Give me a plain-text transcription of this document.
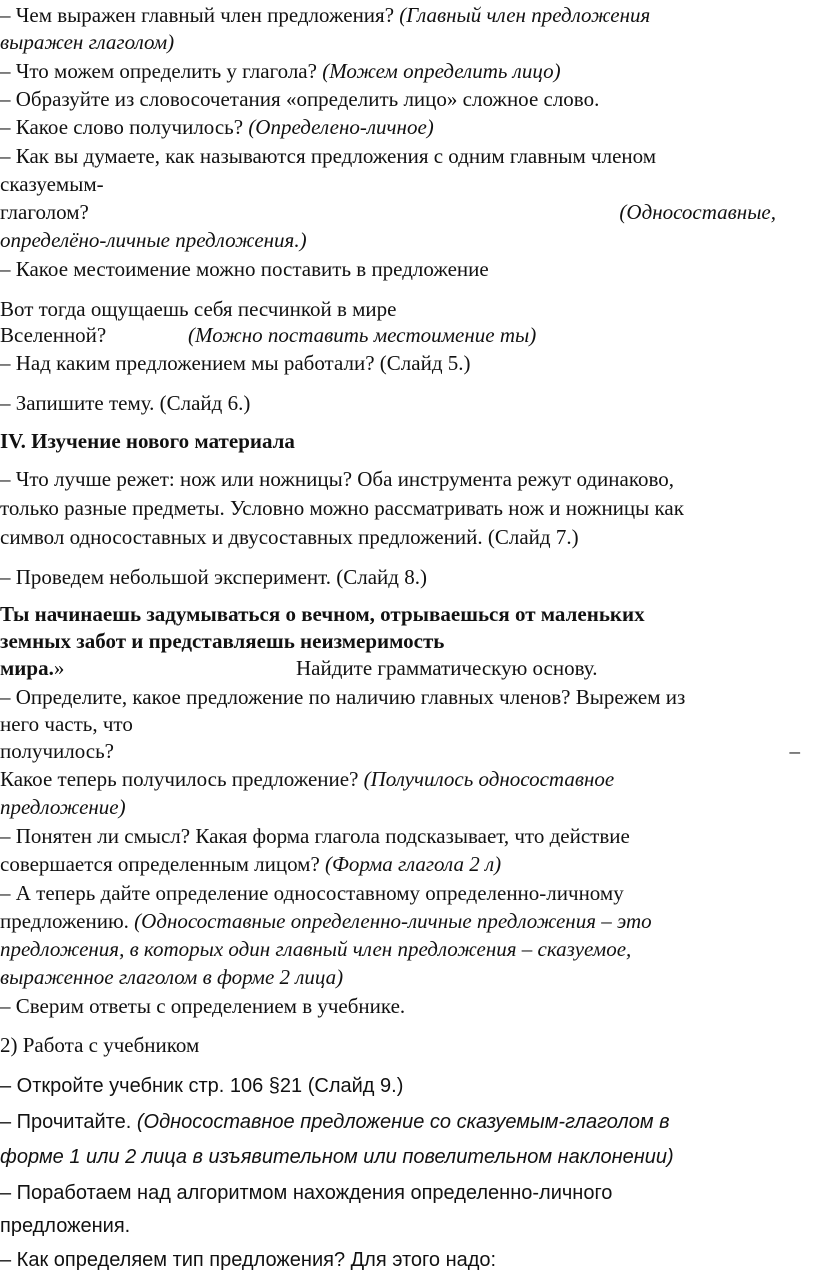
– Чем выражен главный член предложения? (Главный член предложения
выражен глаголом)
– Что можем определить у глагола? (Можем определить лицо)
– Образуйте из словосочетания «определить лицо» сложное слово.
– Какое слово получилось? (Определено-личное)
– Как вы думаете, как называются предложения с одним главным членом
сказуемым-
глаголом?	(Односоставные,
определёно-личные предложения.)
– Какое местоимение можно поставить в предложение
Вот тогда ощущаешь себя песчинкой в мире
Вселенной?	(Можно поставить местоимение ты)
– Над каким предложением мы работали? (Слайд 5.)
– Запишите тему. (Слайд 6.)
IV. Изучение нового материала
– Что лучше режет: нож или ножницы? Оба инструмента режут одинаково,
только разные предметы. Условно можно рассматривать нож и ножницы как
символ односоставных и двусоставных предложений. (Слайд 7.)
– Проведем небольшой эксперимент. (Слайд 8.)
Ты начинаешь задумываться о вечном, отрываешься от маленьких
земных забот и представляешь неизмеримость
мира.»	Найдите грамматическую основу.
– Определите, какое предложение по наличию главных членов? Вырежем из
него часть, что
получилось?	–
Какое теперь получилось предложение? (Получилось односоставное
предложение)
– Понятен ли смысл? Какая форма глагола подсказывает, что действие
совершается определенным лицом? (Форма глагола 2 л)
– А теперь дайте определение односоставному определенно-личному
предложению. (Односоставные определенно-личные предложения – это
предложения, в которых один главный член предложения – сказуемое,
выраженное глаголом в форме 2 лица)
– Сверим ответы с определением в учебнике.
2) Работа с учебником
– Откройте учебник стр. 106 §21 (Слайд 9.)
– Прочитайте. (Односоставное предложение со сказуемым-глаголом в
форме 1 или 2 лица в изъявительном или повелительном наклонении)
– Поработаем над алгоритмом нахождения определенно-личного
предложения.
– Как определяем тип предложения? Для этого надо:
